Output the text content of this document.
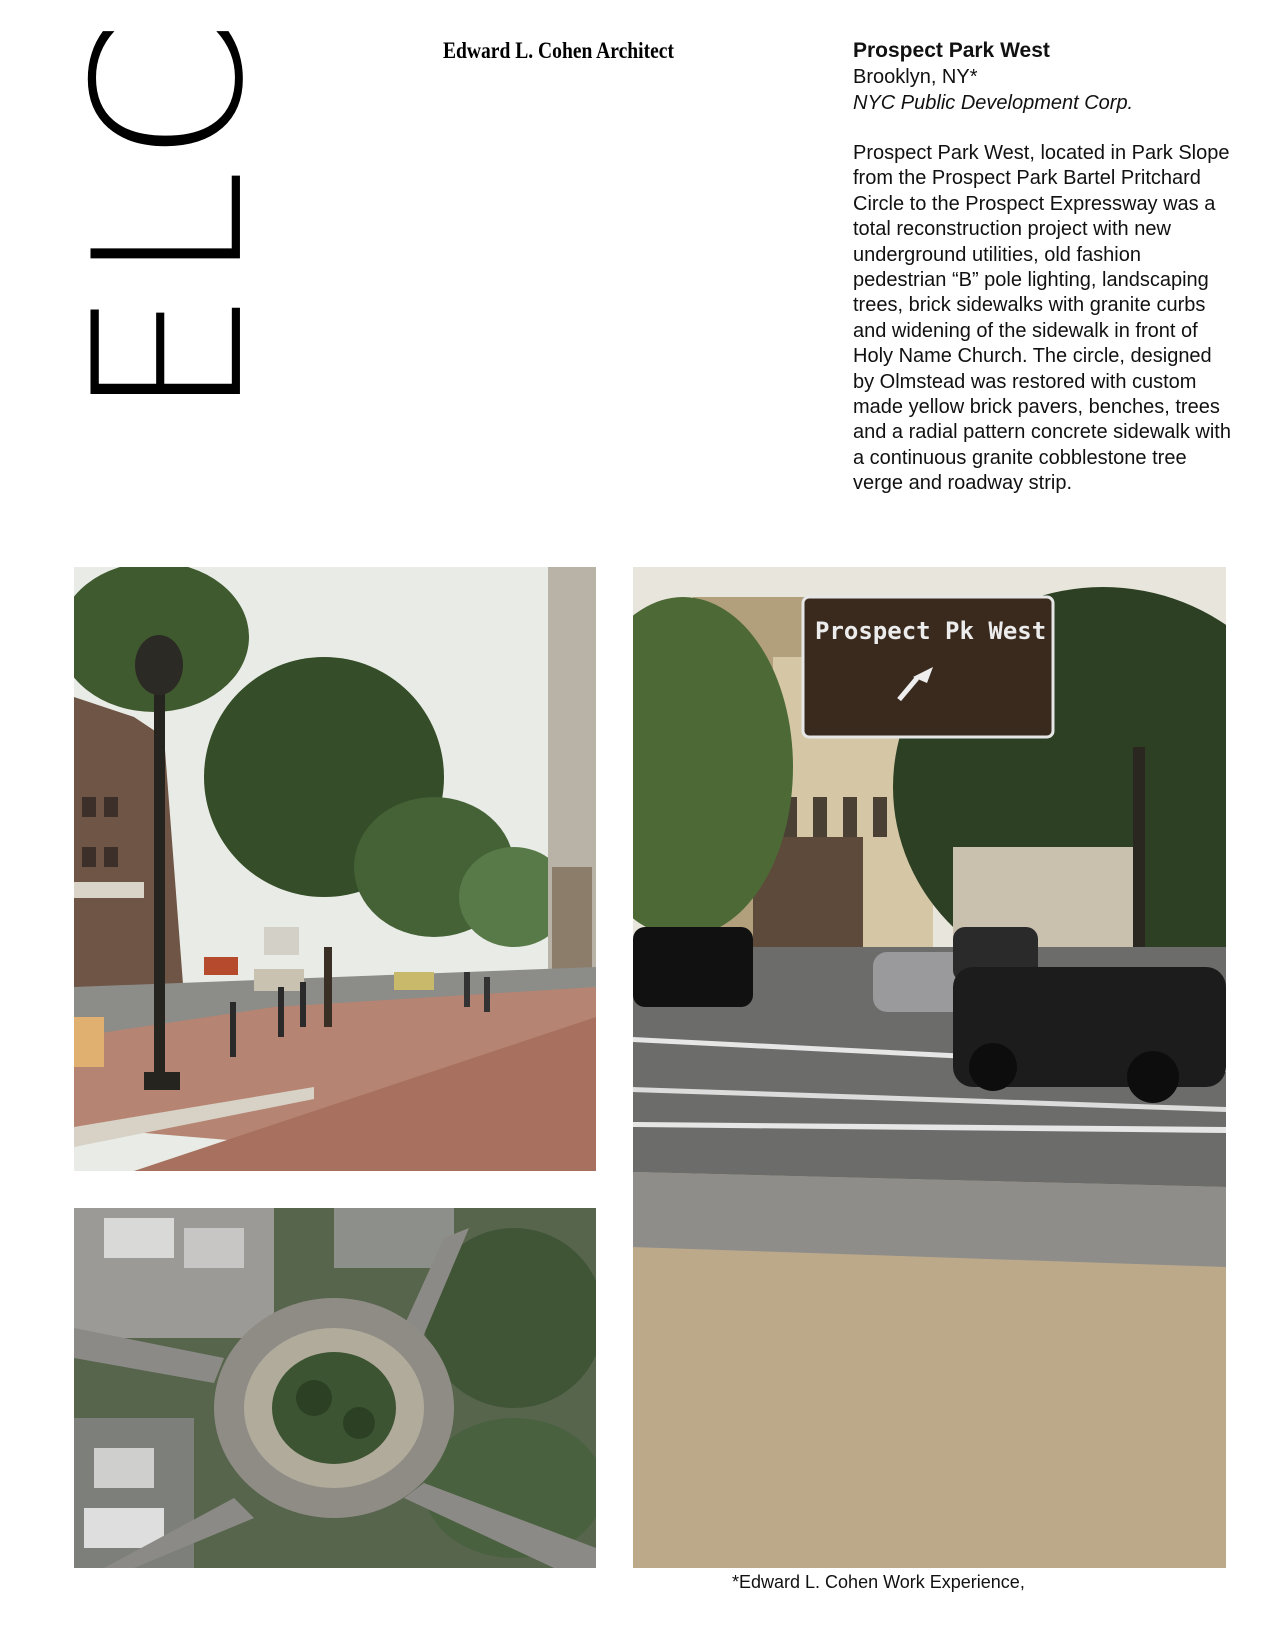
ELC	Edward L. Cohen Architect	Prospect Park West
Brooklyn, NY*
NYC Public Development Corp.
Prospect Park West, located in Park Slope from the Prospect Park Bartel Pritchard Circle to the Prospect Expressway was a total reconstruction project with new underground utilities, old fashion pedestrian “B” pole lighting, landscaping trees, brick sidewalks with granite curbs and widening of the sidewalk in front of Holy Name Church. The circle, designed by Olmstead was restored with custom made yellow brick pavers, benches, trees and a radial pattern concrete sidewalk with a continuous granite cobblestone tree verge and roadway strip.
Prospect Pk West
*Edward L. Cohen Work Experience,
